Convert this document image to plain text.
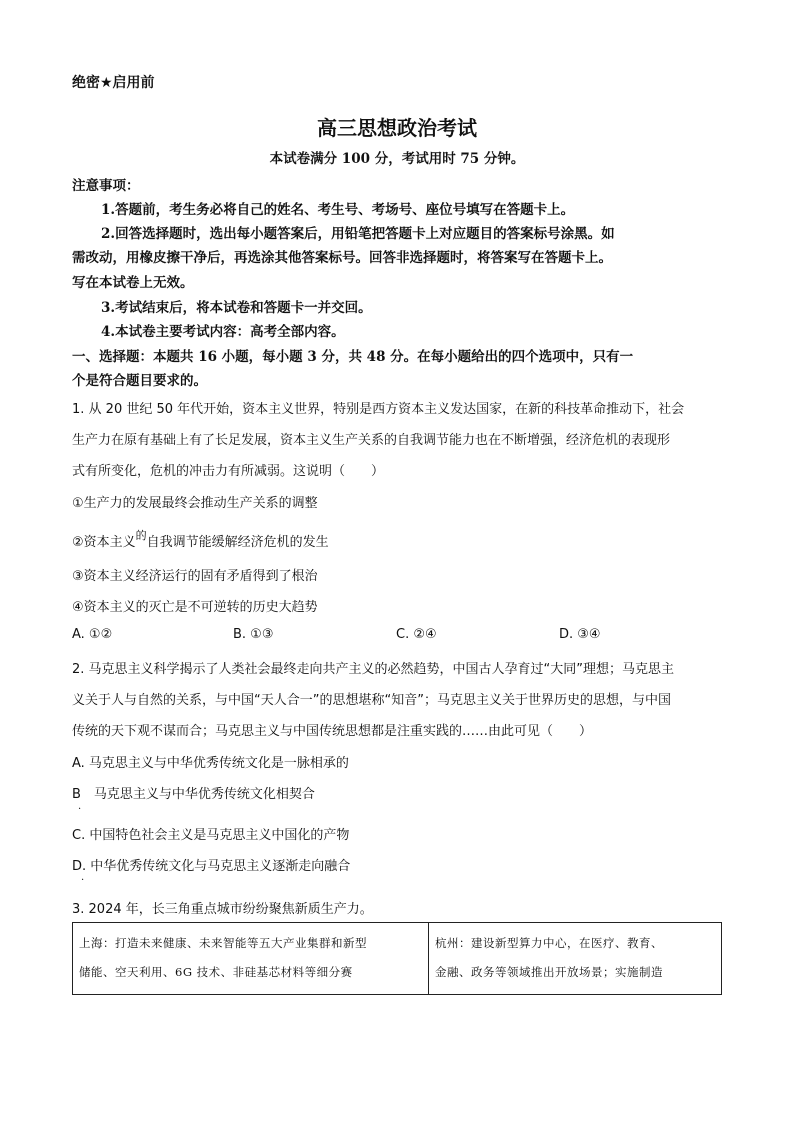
绝密★启用前
高三思想政治考试
本试卷满分 100 分，考试用时 75 分钟。
注意事项：
1.答题前，考生务必将自己的姓名、考生号、考场号、座位号填写在答题卡上。
2.回答选择题时，选出每小题答案后，用铅笔把答题卡上对应题目的答案标号涂黑。如
需改动，用橡皮擦干净后，再选涂其他答案标号。回答非选择题时，将答案写在答题卡上。
写在本试卷上无效。
3.考试结束后，将本试卷和答题卡一并交回。
4.本试卷主要考试内容：高考全部内容。
一、选择题：本题共 16 小题，每小题 3 分，共 48 分。在每小题给出的四个选项中，只有一
个是符合题目要求的。
1. 从 20 世纪 50 年代开始，资本主义世界，特别是西方资本主义发达国家，在新的科技革命推动下，社会
生产力在原有基础上有了长足发展，资本主义生产关系的自我调节能力也在不断增强，经济危机的表现形
式有所变化，危机的冲击力有所减弱。这说明（　　）
①生产力的发展最终会推动生产关系的调整
②资本主义$^的$自我调节能缓解经济危机的发生
③资本主义经济运行的固有矛盾得到了根治
④资本主义的灭亡是不可逆转的历史大趋势
A. ①②	B. ①③	C. ②④	D. ③④
2. 马克思主义科学揭示了人类社会最终走向共产主义的必然趋势，中国古人孕育过“大同”理想；马克思主
义关于人与自然的关系，与中国“天人合一”的思想堪称“知音”；马克思主义关于世界历史的思想，与中国
传统的天下观不谋而合；马克思主义与中国传统思想都是注重实践的……由此可见（　　）
A. 马克思主义与中华优秀传统文化是一脉相承的
B 马克思主义与中华优秀传统文化相契合
.
C. 中国特色社会主义是马克思主义中国化的产物
D. 中华优秀传统文化与马克思主义逐渐走向融合
.
3. 2024 年，长三角重点城市纷纷聚焦新质生产力。
上海：打造未来健康、未来智能等五大产业集群和新型
储能、空天利用、6G 技术、非硅基芯材料等细分赛
杭州：建设新型算力中心，在医疗、教育、
金融、政务等领域推出开放场景；实施制造
